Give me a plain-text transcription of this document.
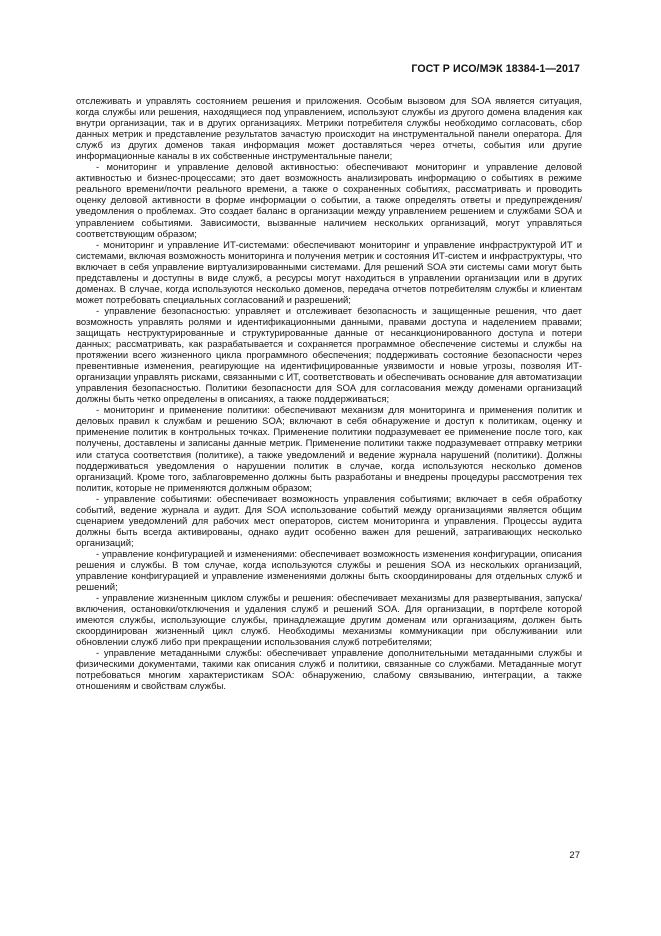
ГОСТ Р ИСО/МЭК 18384-1—2017

отслеживать и управлять состоянием решения и приложения. Особым вызовом для SOA является ситуация, когда службы или решения, находящиеся под управлением, используют службы из другого домена владения как внутри организации, так и в других организациях. Метрики потребителя службы необходимо согласовать, сбор данных метрик и представление результатов зачастую происходит на инструментальной панели оператора. Для служб из других доменов такая информация может доставляться через отчеты, события или другие информационные каналы в их собственные инструментальные панели;

- мониторинг и управление деловой активностью: обеспечивают мониторинг и управление деловой активностью и бизнес-процессами; это дает возможность анализировать информацию о событиях в режиме реального времени/почти реального времени, а также о сохраненных событиях, рассматривать и проводить оценку деловой активности в форме информации о событии, а также определять ответы и предупреждения/уведомления о проблемах. Это создает баланс в организации между управлением решением и службами SOA и управлением событиями. Зависимости, вызванные наличием нескольких организаций, могут управляться соответствующим образом;

- мониторинг и управление ИТ-системами: обеспечивают мониторинг и управление инфраструктурой ИТ и системами, включая возможность мониторинга и получения метрик и состояния ИТ-систем и инфраструктуры, что включает в себя управление виртуализированными системами. Для решений SOA эти системы сами могут быть представлены и доступны в виде служб, а ресурсы могут находиться в управлении организации или в других доменах. В случае, когда используются несколько доменов, передача отчетов потребителям службы и клиентам может потребовать специальных согласований и разрешений;

- управление безопасностью: управляет и отслеживает безопасность и защищенные решения, что дает возможность управлять ролями и идентификационными данными, правами доступа и наделением правами; защищать неструктурированные и структурированные данные от несанкционированного доступа и потери данных; рассматривать, как разрабатывается и сохраняется программное обеспечение системы и службы на протяжении всего жизненного цикла программного обеспечения; поддерживать состояние безопасности через превентивные изменения, реагирующие на идентифицированные уязвимости и новые угрозы, позволяя ИТ-организации управлять рисками, связанными с ИТ, соответствовать и обеспечивать основание для автоматизации управления безопасностью. Политики безопасности для SOA для согласования между доменами организаций должны быть четко определены в описаниях, а также поддерживаться;

- мониторинг и применение политики: обеспечивают механизм для мониторинга и применения политик и деловых правил к службам и решению SOA; включают в себя обнаружение и доступ к политикам, оценку и применение политик в контрольных точках. Применение политики подразумевает ее применение после того, как получены, доставлены и записаны данные метрик. Применение политики также подразумевает отправку метрики или статуса соответствия (политике), а также уведомлений и ведение журнала нарушений (политики). Должны поддерживаться уведомления о нарушении политик в случае, когда используются несколько доменов организаций. Кроме того, заблаговременно должны быть разработаны и внедрены процедуры рассмотрения тех политик, которые не применяются должным образом;

- управление событиями: обеспечивает возможность управления событиями; включает в себя обработку событий, ведение журнала и аудит. Для SOA использование событий между организациями является общим сценарием уведомлений для рабочих мест операторов, систем мониторинга и управления. Процессы аудита должны быть всегда активированы, однако аудит особенно важен для решений, затрагивающих несколько организаций;

- управление конфигурацией и изменениями: обеспечивает возможность изменения конфигурации, описания решения и службы. В том случае, когда используются службы и решения SOA из нескольких организаций, управление конфигурацией и управление изменениями должны быть скоординированы для отдельных служб и решений;

- управление жизненным циклом службы и решения: обеспечивает механизмы для развертывания, запуска/включения, остановки/отключения и удаления служб и решений SOA. Для организации, в портфеле которой имеются службы, использующие службы, принадлежащие другим доменам или организациям, должен быть скоординирован жизненный цикл служб. Необходимы механизмы коммуникации при обслуживании или обновлении служб либо при прекращении использования служб потребителями;

- управление метаданными службы: обеспечивает управление дополнительными метаданными службы и физическими документами, такими как описания служб и политики, связанные со службами. Метаданные могут потребоваться многим характеристикам SOA: обнаружению, слабому связыванию, интеграции, а также отношениям и свойствам службы.

27
